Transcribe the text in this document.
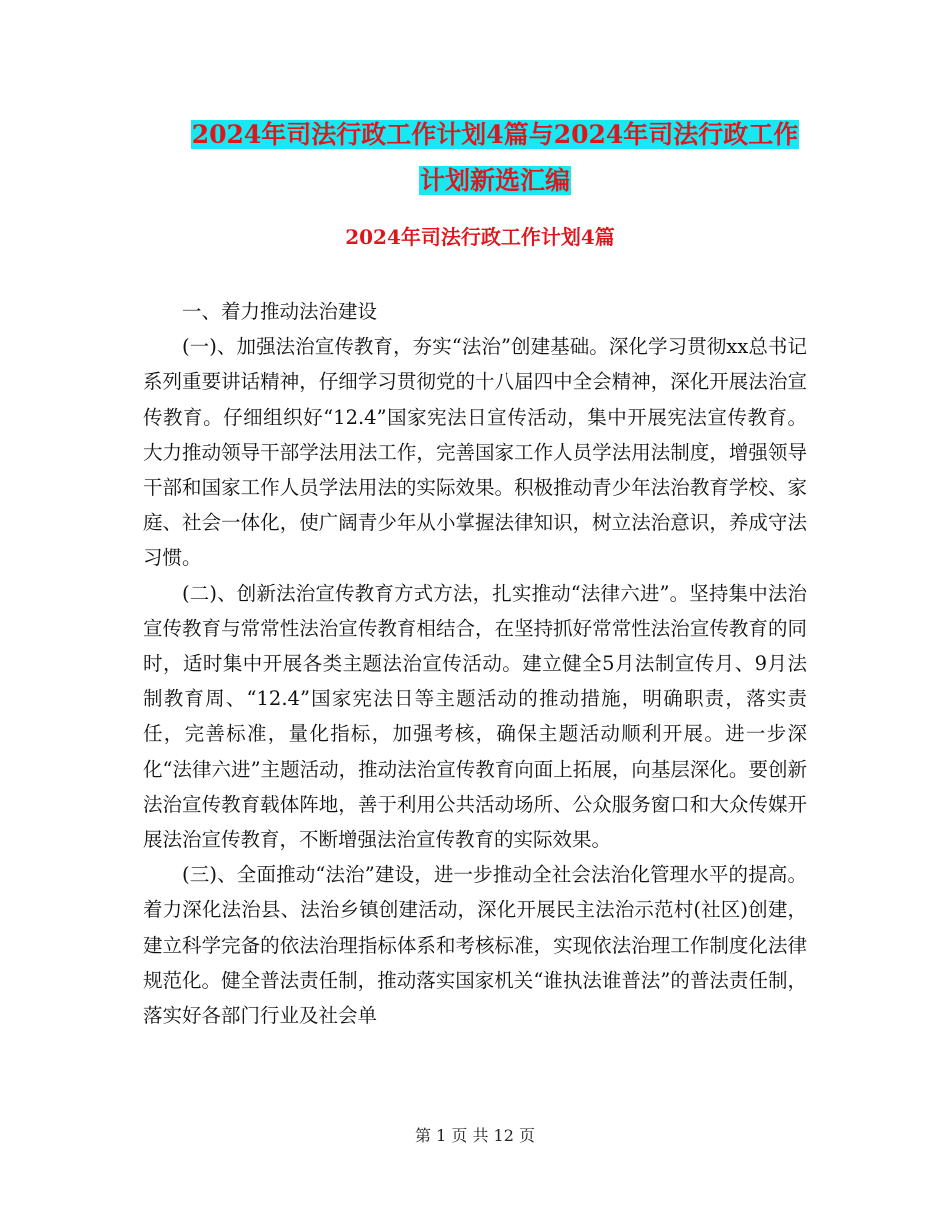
2024年司法行政工作计划4篇与2024年司法行政工作
计划新选汇编
2024年司法行政工作计划4篇

一、着力推动法治建设

(一)、加强法治宣传教育，夯实“法治”创建基础。深化学习贯彻xx总书记系列重要讲话精神，仔细学习贯彻党的十八届四中全会精神，深化开展法治宣传教育。仔细组织好“12.4”国家宪法日宣传活动，集中开展宪法宣传教育。大力推动领导干部学法用法工作，完善国家工作人员学法用法制度，增强领导干部和国家工作人员学法用法的实际效果。积极推动青少年法治教育学校、家庭、社会一体化，使广阔青少年从小掌握法律知识，树立法治意识，养成守法习惯。

(二)、创新法治宣传教育方式方法，扎实推动“法律六进”。坚持集中法治宣传教育与常常性法治宣传教育相结合，在坚持抓好常常性法治宣传教育的同时，适时集中开展各类主题法治宣传活动。建立健全5月法制宣传月、9月法制教育周、“12.4”国家宪法日等主题活动的推动措施，明确职责，落实责任，完善标准，量化指标，加强考核，确保主题活动顺利开展。进一步深化“法律六进”主题活动，推动法治宣传教育向面上拓展，向基层深化。要创新法治宣传教育载体阵地，善于利用公共活动场所、公众服务窗口和大众传媒开展法治宣传教育，不断增强法治宣传教育的实际效果。

(三)、全面推动“法治”建设，进一步推动全社会法治化管理水平的提高。着力深化法治县、法治乡镇创建活动，深化开展民主法治示范村(社区)创建，建立科学完备的依法治理指标体系和考核标准，实现依法治理工作制度化法律规范化。健全普法责任制，推动落实国家机关“谁执法谁普法”的普法责任制，落实好各部门行业及社会单

第 1 页 共 12 页
